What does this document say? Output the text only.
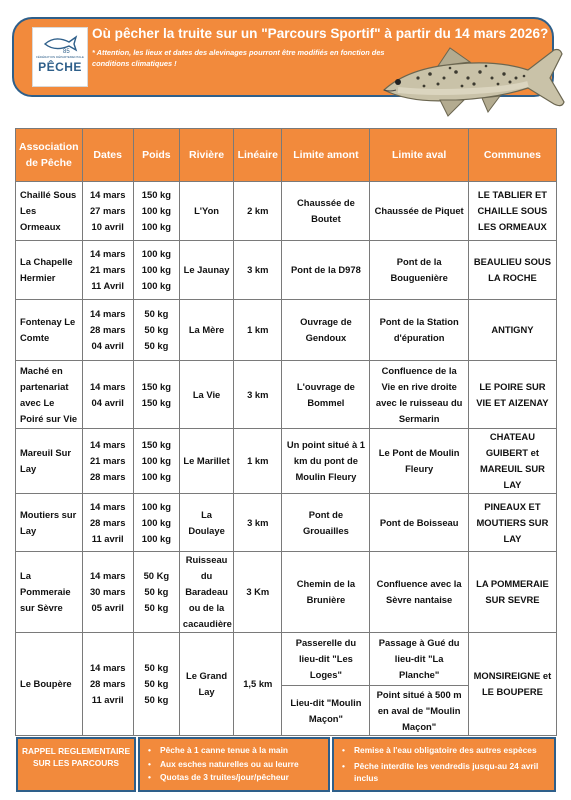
85
FÉDÉRATION DÉPARTEMENTALE
PÊCHE
Où pêcher la truite sur un "Parcours Sportif" à partir du 14 mars 2026?
* Attention, les lieux et dates des alevinages pourront être modifiés en fonction des conditions climatiques !
Association de Pêche	Dates	Poids	Rivière	Linéaire	Limite amont	Limite aval	Communes
Chaillé Sous Les Ormeaux	14 mars
27 mars
10 avril	150 kg
100 kg
100 kg	L'Yon	2 km	Chaussée de Boutet	Chaussée de Piquet	LE TABLIER ET CHAILLE SOUS LES ORMEAUX
La Chapelle Hermier	14 mars
21 mars
11 Avril	100 kg
100 kg
100 kg	Le Jaunay	3 km	Pont de la D978	Pont de la Bouguenière	BEAULIEU SOUS LA ROCHE
Fontenay Le Comte	14 mars
28 mars
04 avril	50 kg
50 kg
50 kg	La Mère	1 km	Ouvrage de Gendoux	Pont de la Station d'épuration	ANTIGNY
Maché en partenariat avec Le Poiré sur Vie	14 mars
04 avril	150 kg
150 kg	La Vie	3 km	L'ouvrage de Bommel	Confluence de la Vie en rive droite avec le ruisseau du Sermarin	LE POIRE SUR VIE ET AIZENAY
Mareuil Sur Lay	14 mars
21 mars
28 mars	150 kg
100 kg
100 kg	Le Marillet	1 km	Un point situé à 1 km du pont de Moulin Fleury	Le Pont de Moulin Fleury	CHATEAU GUIBERT et MAREUIL SUR LAY
Moutiers sur Lay	14 mars
28 mars
11 avril	100 kg
100 kg
100 kg	La Doulaye	3 km	Pont de Grouailles	Pont de Boisseau	PINEAUX ET MOUTIERS SUR LAY
La Pommeraie sur Sèvre	14 mars
30 mars
05 avril	50 Kg
50 kg
50 kg	Ruisseau du Baradeau ou de la cacaudière	3 Km	Chemin de la Brunière	Confluence avec la Sèvre nantaise	LA POMMERAIE SUR SEVRE
Le Boupère	14 mars
28 mars
11 avril	50 kg
50 kg
50 kg	Le Grand Lay	1,5 km	Passerelle du lieu-dit "Les Loges"	Passage à Gué du lieu-dit "La Planche"	MONSIREIGNE et LE BOUPERE
					Lieu-dit "Moulin Maçon"	Point situé à 500 m en aval de "Moulin Maçon"	
RAPPEL REGLEMENTAIRE SUR LES PARCOURS
• Pêche à 1 canne tenue à la main
• Aux esches naturelles ou au leurre
• Quotas de 3 truites/jour/pêcheur
• Remise à l'eau obligatoire des autres espèces
• Pêche interdite les vendredis jusqu-au 24 avril inclus
